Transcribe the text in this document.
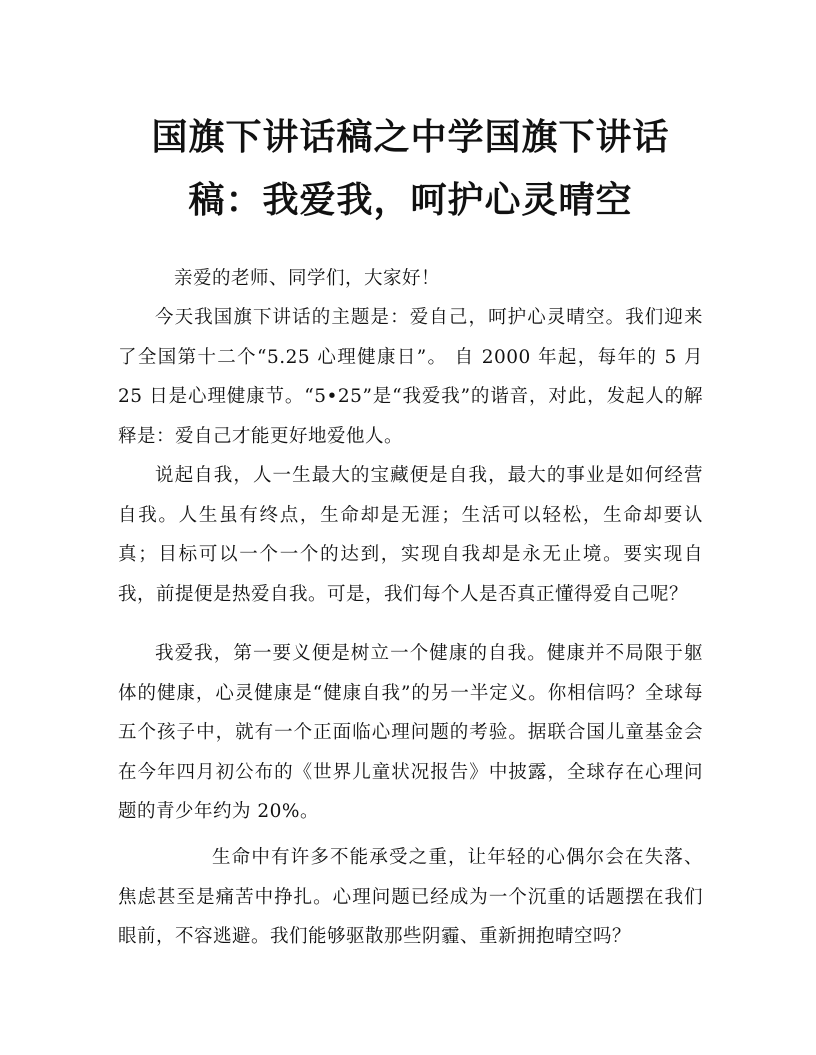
国旗下讲话稿之中学国旗下讲话稿：我爱我，呵护心灵晴空

亲爱的老师、同学们，大家好！

今天我国旗下讲话的主题是：爱自己，呵护心灵晴空。我们迎来了全国第十二个“5.25 心理健康日”。 自 2000 年起，每年的 5 月 25 日是心理健康节。“5•25”是“我爱我”的谐音，对此，发起人的解释是：爱自己才能更好地爱他人。

说起自我，人一生最大的宝藏便是自我，最大的事业是如何经营自我。人生虽有终点，生命却是无涯；生活可以轻松，生命却要认真；目标可以一个一个的达到，实现自我却是永无止境。要实现自我，前提便是热爱自我。可是，我们每个人是否真正懂得爱自己呢？

我爱我，第一要义便是树立一个健康的自我。健康并不局限于躯体的健康，心灵健康是“健康自我”的另一半定义。你相信吗？全球每五个孩子中，就有一个正面临心理问题的考验。据联合国儿童基金会在今年四月初公布的《世界儿童状况报告》中披露，全球存在心理问题的青少年约为 20%。

生命中有许多不能承受之重，让年轻的心偶尔会在失落、焦虑甚至是痛苦中挣扎。心理问题已经成为一个沉重的话题摆在我们眼前，不容逃避。我们能够驱散那些阴霾、重新拥抱晴空吗？
